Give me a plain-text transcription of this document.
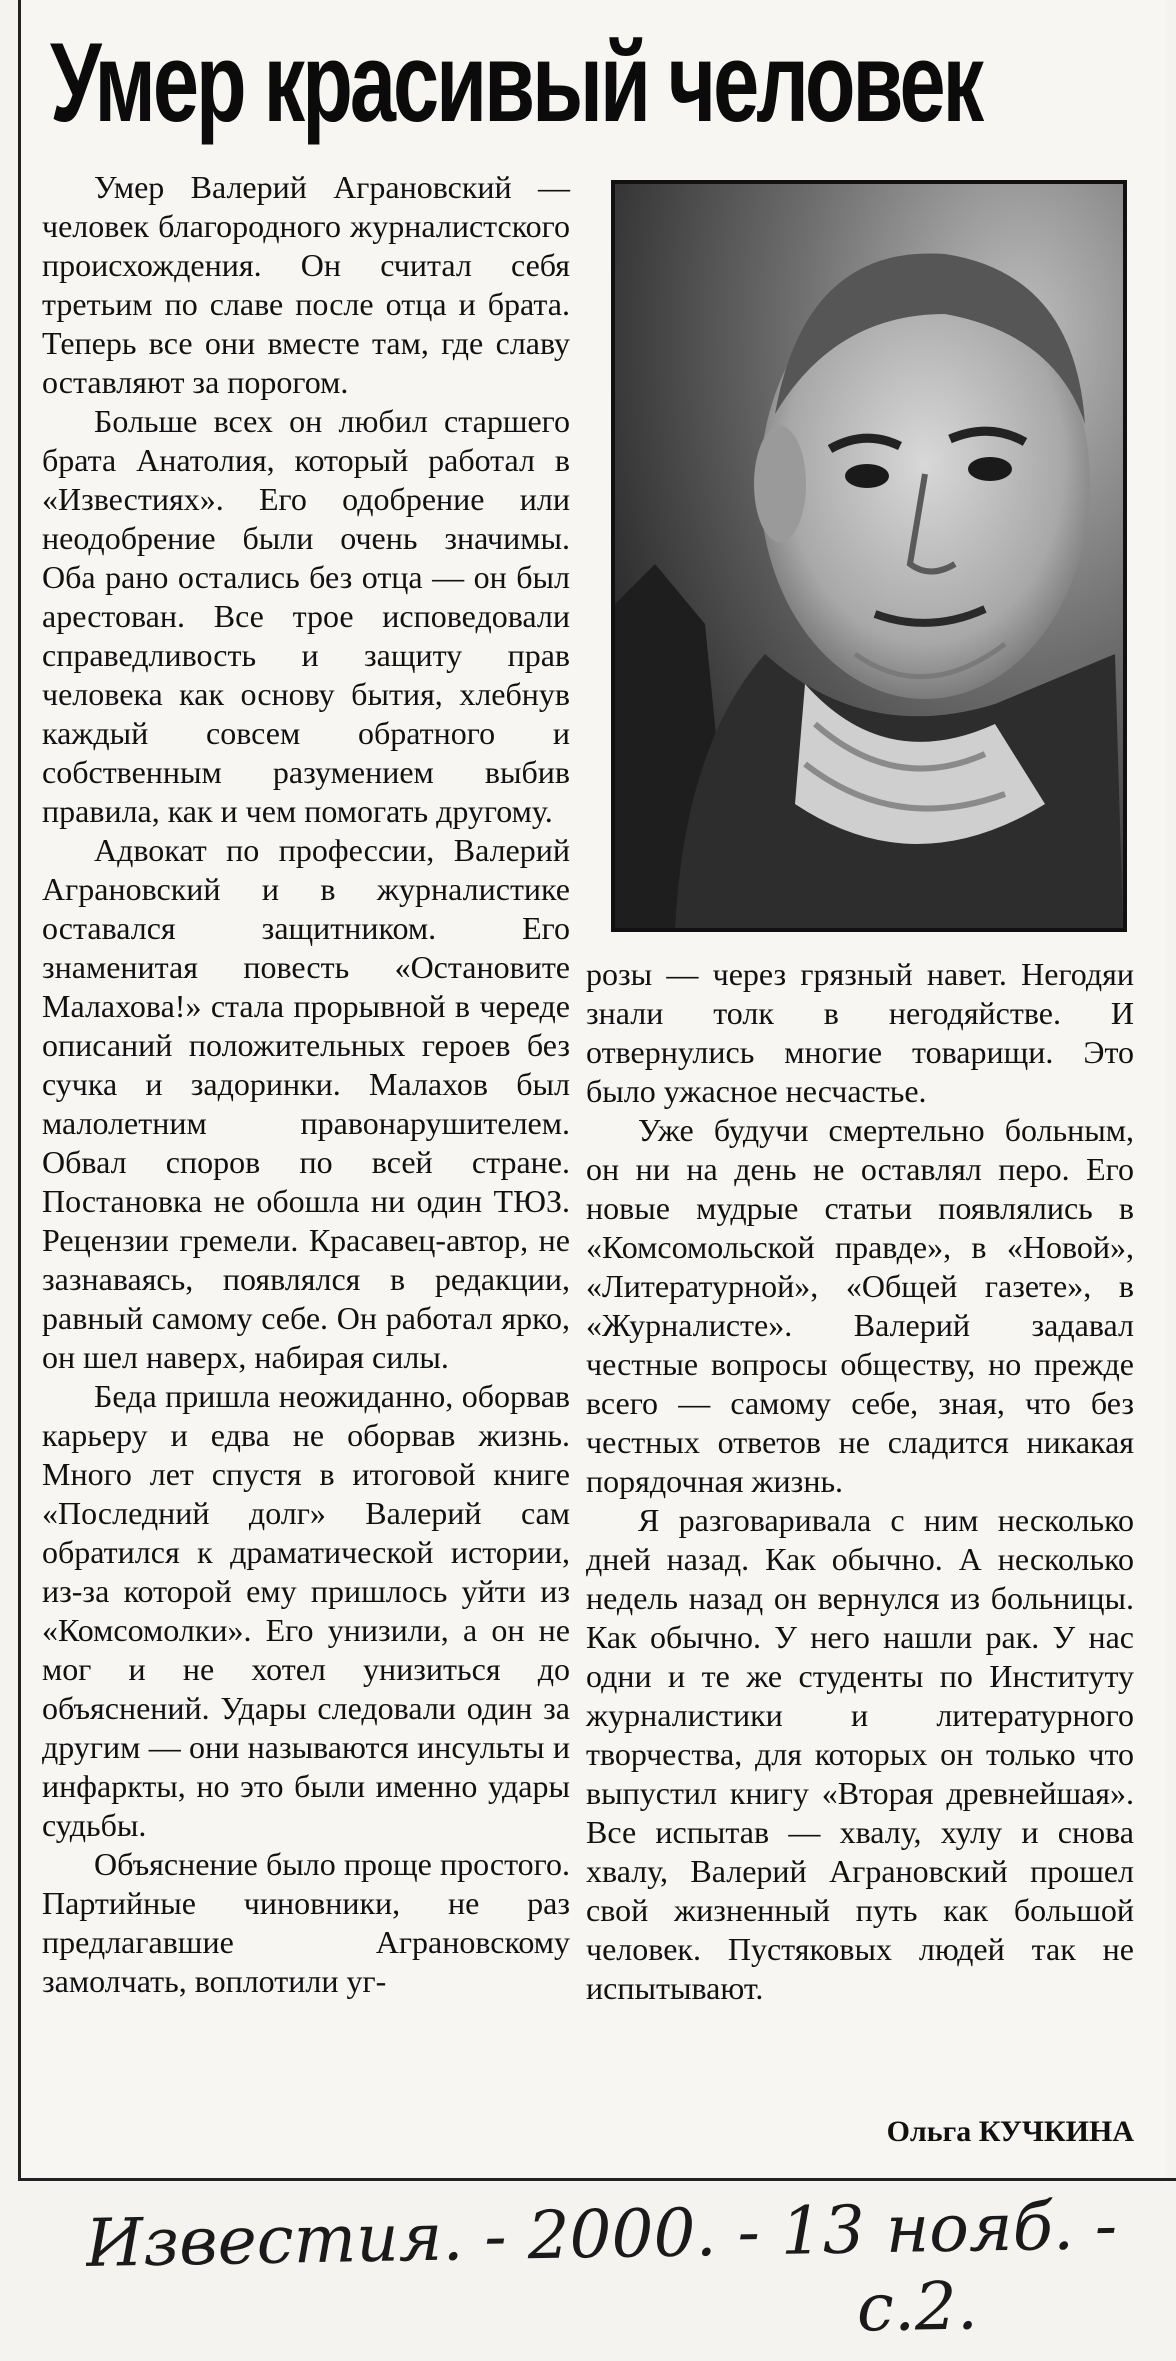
Умер красивый человек

Умер Валерий Аграновский — человек благородного журналистского происхождения. Он считал себя третьим по славе после отца и брата. Теперь все они вместе там, где славу оставляют за порогом.

Больше всех он любил старшего брата Анатолия, который работал в «Известиях». Его одобрение или неодобрение были очень значимы. Оба рано остались без отца — он был арестован. Все трое исповедовали справедливость и защиту прав человека как основу бытия, хлебнув каждый совсем обратного и собственным разумением выбив правила, как и чем помогать другому.

Адвокат по профессии, Валерий Аграновский и в журналистике оставался защитником. Его знаменитая повесть «Остановите Малахова!» стала прорывной в череде описаний положительных героев без сучка и задоринки. Малахов был малолетним правонарушителем. Обвал споров по всей стране. Постановка не обошла ни один ТЮЗ. Рецензии гремели. Красавец-автор, не зазнаваясь, появлялся в редакции, равный самому себе. Он работал ярко, он шел наверх, набирая силы.

Беда пришла неожиданно, оборвав карьеру и едва не оборвав жизнь. Много лет спустя в итоговой книге «Последний долг» Валерий сам обратился к драматической истории, из-за которой ему пришлось уйти из «Комсомолки». Его унизили, а он не мог и не хотел унизиться до объяснений. Удары следовали один за другим — они называются инсульты и инфаркты, но это были именно удары судьбы.

Объяснение было проще простого. Партийные чиновники, не раз предлагавшие Аграновскому замолчать, воплотили уг-

розы — через грязный навет. Негодяи знали толк в негодяйстве. И отвернулись многие товарищи. Это было ужасное несчастье.

Уже будучи смертельно больным, он ни на день не оставлял перо. Его новые мудрые статьи появлялись в «Комсомольской правде», в «Новой», «Литературной», «Общей газете», в «Журналисте». Валерий задавал честные вопросы обществу, но прежде всего — самому себе, зная, что без честных ответов не сладится никакая порядочная жизнь.

Я разговаривала с ним несколько дней назад. Как обычно. А несколько недель назад он вернулся из больницы. Как обычно. У него нашли рак. У нас одни и те же студенты по Институту журналистики и литературного творчества, для которых он только что выпустил книгу «Вторая древнейшая». Все испытав — хвалу, хулу и снова хвалу, Валерий Аграновский прошел свой жизненный путь как большой человек. Пустяковых людей так не испытывают.

Ольга КУЧКИНА
Известия. - 2000. - 13 нояб. -с.2.
